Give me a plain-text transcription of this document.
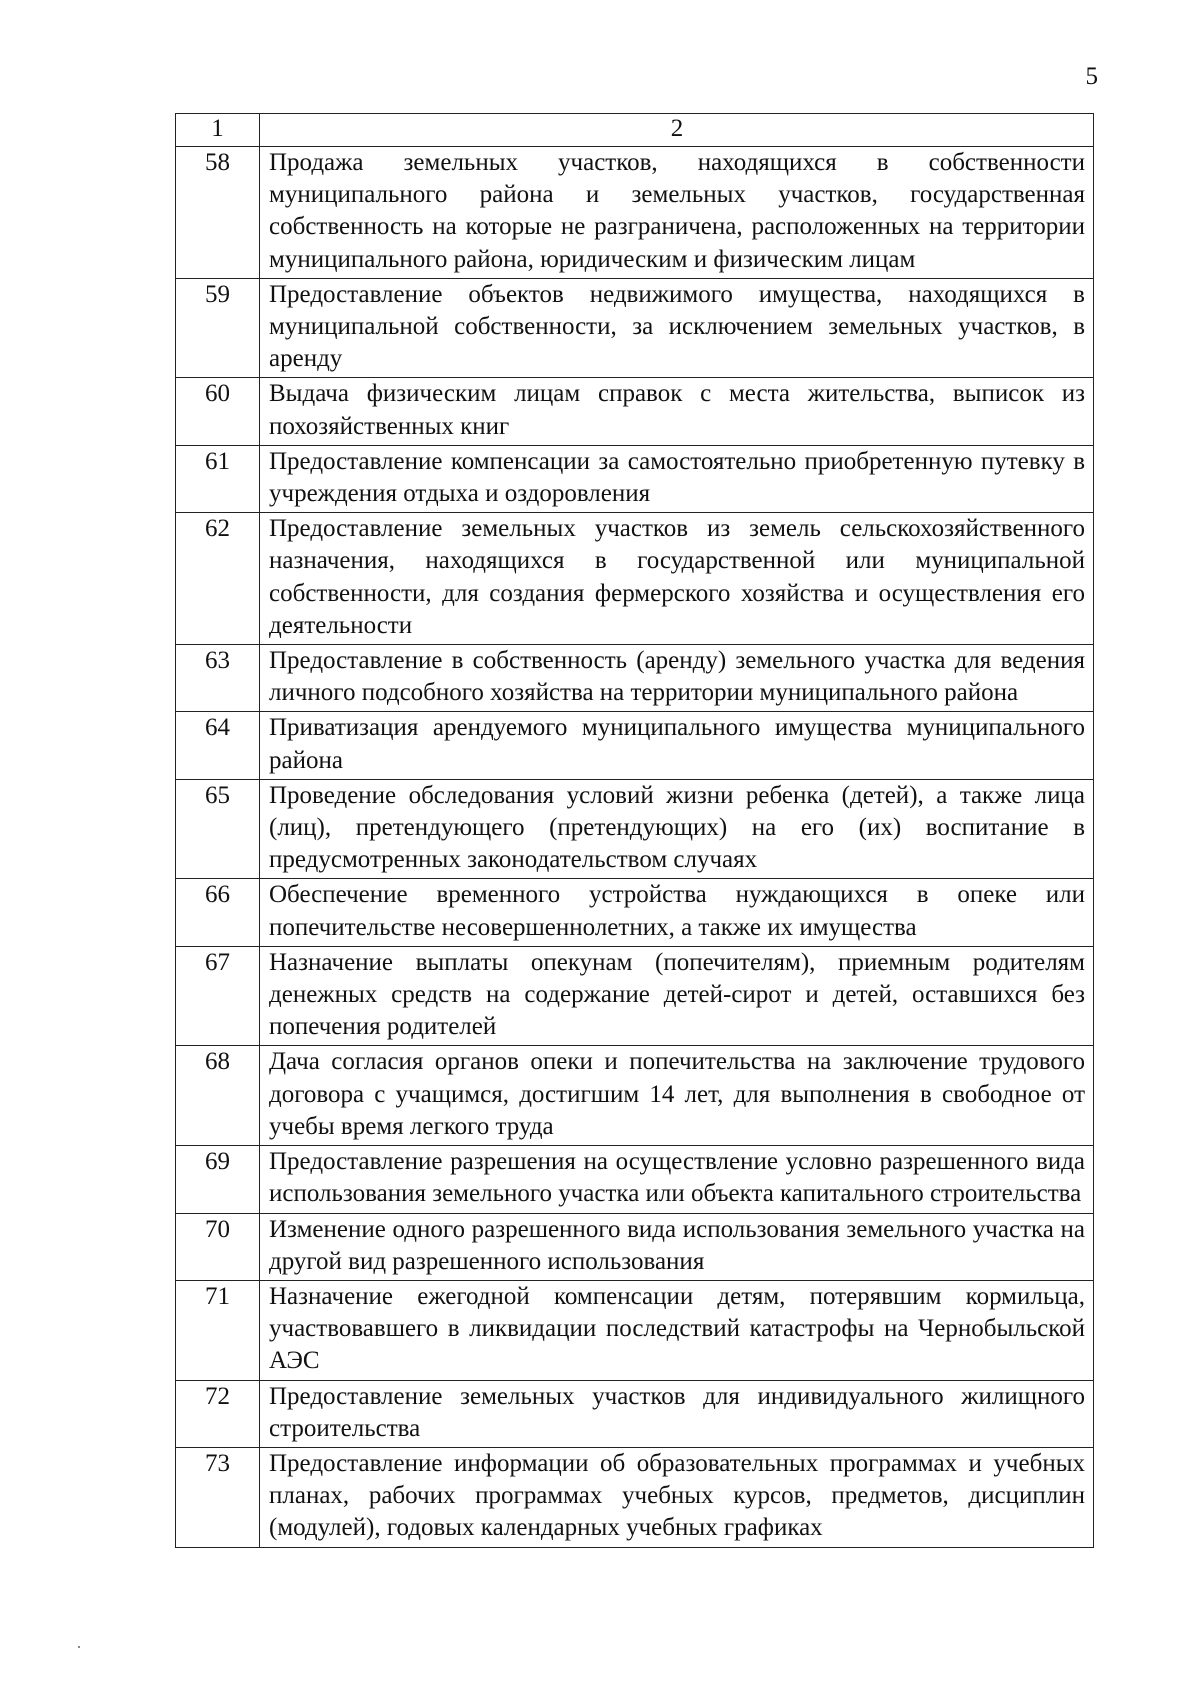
5
1	2
58	Продажа земельных участков, находящихся в собственности муниципального района и земельных участков, государственная собственность на которые не разграничена, расположенных на территории муниципального района, юридическим и физическим лицам
59	Предоставление объектов недвижимого имущества, находящихся в муниципальной собственности, за исключением земельных участков, в аренду
60	Выдача физическим лицам справок с места жительства, выписок из похозяйственных книг
61	Предоставление компенсации за самостоятельно приобретенную путевку в учреждения отдыха и оздоровления
62	Предоставление земельных участков из земель сельскохозяйственного назначения, находящихся в государственной или муниципальной собственности, для создания фермерского хозяйства и осуществления его деятельности
63	Предоставление в собственность (аренду) земельного участка для ведения личного подсобного хозяйства на территории муниципального района
64	Приватизация арендуемого муниципального имущества муниципального района
65	Проведение обследования условий жизни ребенка (детей), а также лица (лиц), претендующего (претендующих) на его (их) воспитание в предусмотренных законодательством случаях
66	Обеспечение временного устройства нуждающихся в опеке или попечительстве несовершеннолетних, а также их имущества
67	Назначение выплаты опекунам (попечителям), приемным родителям денежных средств на содержание детей-сирот и детей, оставшихся без попечения родителей
68	Дача согласия органов опеки и попечительства на заключение трудового договора с учащимся, достигшим 14 лет, для выполнения в свободное от учебы время легкого труда
69	Предоставление разрешения на осуществление условно разрешенного вида использования земельного участка или объекта капитального строительства
70	Изменение одного разрешенного вида использования земельного участка на другой вид разрешенного использования
71	Назначение ежегодной компенсации детям, потерявшим кормильца, участвовавшего в ликвидации последствий катастрофы на Чернобыльской АЭС
72	Предоставление земельных участков для индивидуального жилищного строительства
73	Предоставление информации об образовательных программах и учебных планах, рабочих программах учебных курсов, предметов, дисциплин (модулей), годовых календарных учебных графиках
